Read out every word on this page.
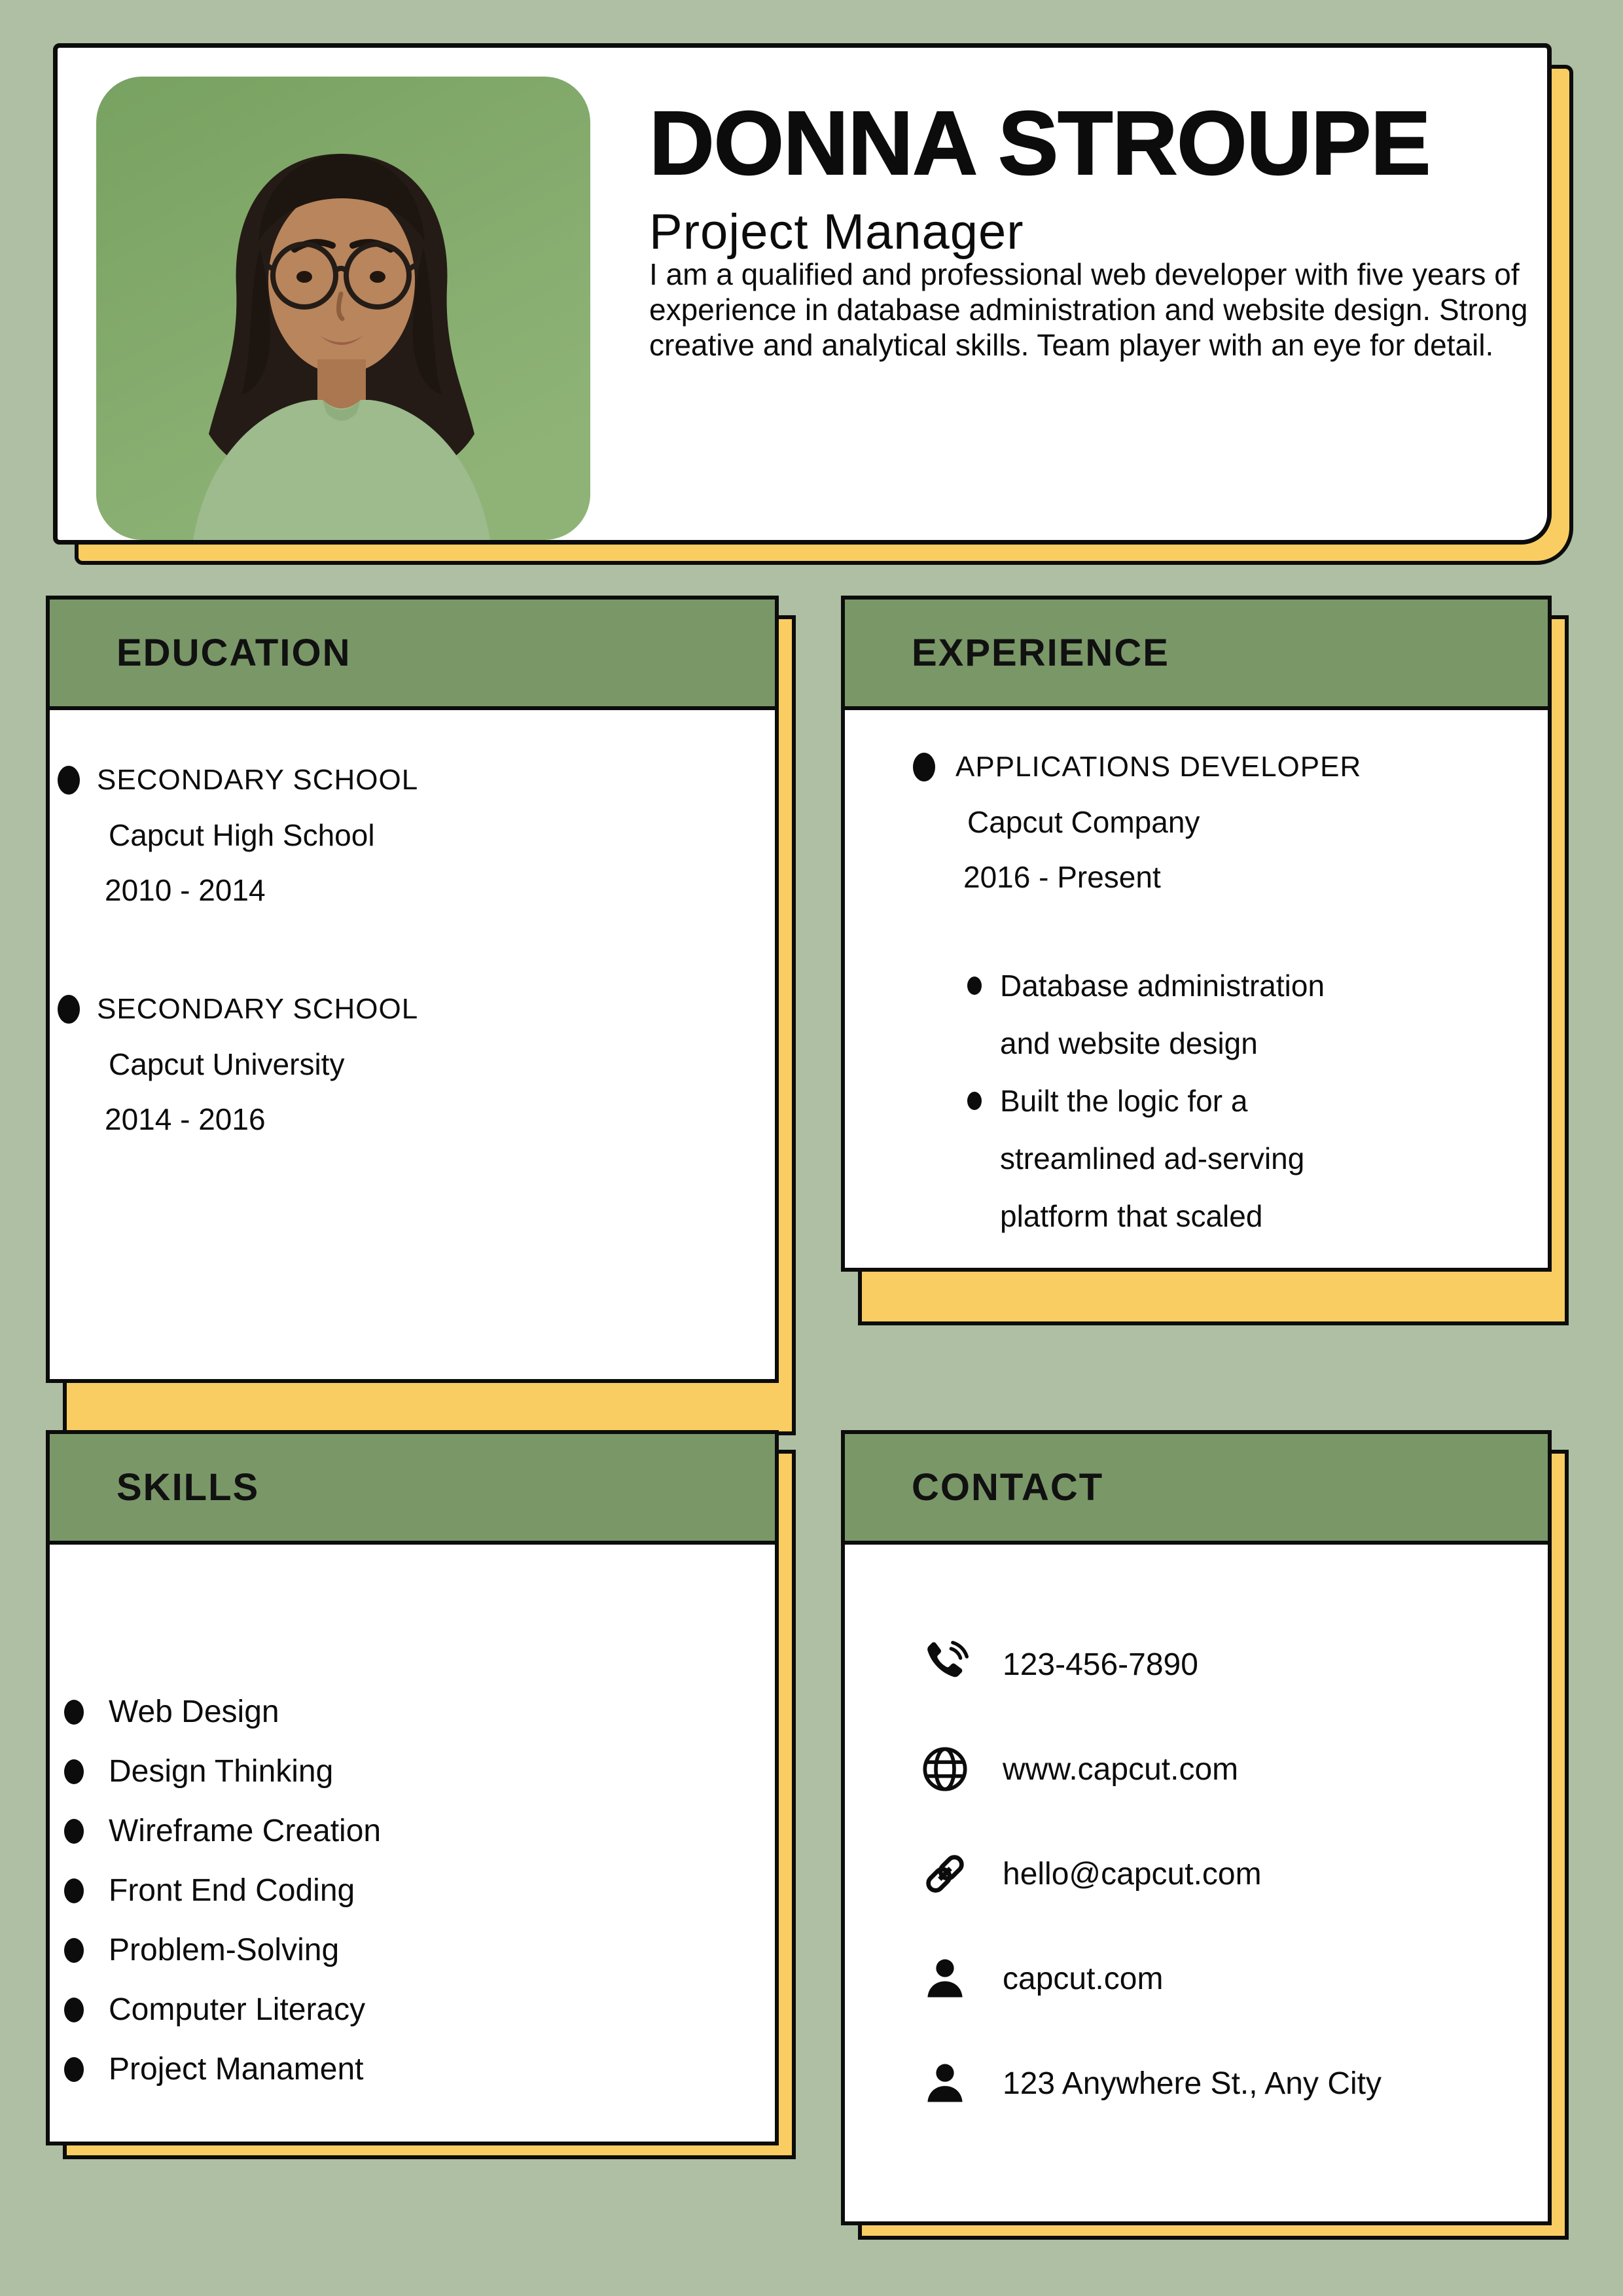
DONNA STROUPE
Project Manager

I am a qualified and professional web developer with five years of experience in database administration and website design. Strong creative and analytical skills. Team player with an eye for detail.

EDUCATION
SECONDARY SCHOOL
Capcut High School
2010 - 2014
SECONDARY SCHOOL
Capcut University
2014 - 2016
EXPERIENCE
APPLICATIONS DEVELOPER
Capcut Company
2016 - Present
Database administration and website design
Built the logic for a streamlined ad-serving platform that scaled
SKILLS
Web Design
Design Thinking
Wireframe Creation
Front End Coding
Problem-Solving
Computer Literacy
Project Manament
CONTACT
123-456-7890
www.capcut.com
hello@capcut.com
capcut.com
123 Anywhere St., Any City
